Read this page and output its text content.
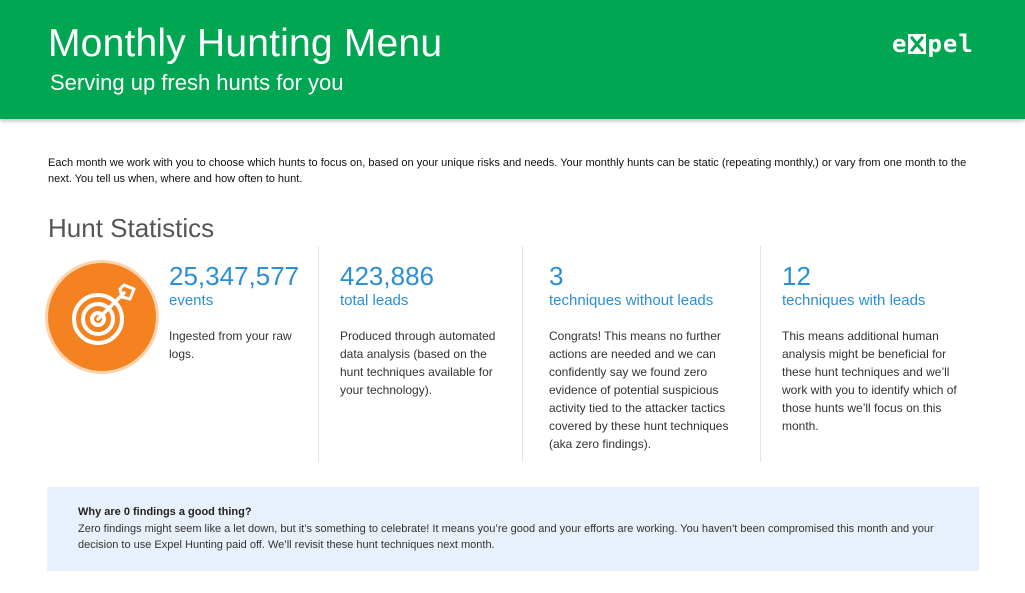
Monthly Hunting Menu
Serving up fresh hunts for you
e pel

Each month we work with you to choose which hunts to focus on, based on your unique risks and needs. Your monthly hunts can be static (repeating monthly,) or vary from one month to the next. You tell us when, where and how often to hunt.

Hunt Statistics
25,347,577
events
Ingested from your raw logs.
423,886
total leads
Produced through automated data analysis (based on the hunt techniques available for your technology).
3
techniques without leads
Congrats! This means no further actions are needed and we can confidently say we found zero evidence of potential suspicious activity tied to the attacker tactics covered by these hunt techniques (aka zero findings).
12
techniques with leads
This means additional human analysis might be beneficial for these hunt techniques and we’ll work with you to identify which of those hunts we’ll focus on this month.
Why are 0 findings a good thing?
Zero findings might seem like a let down, but it’s something to celebrate! It means you’re good and your efforts are working. You haven’t been compromised this month and your decision to use Expel Hunting paid off. We’ll revisit these hunt techniques next month.
